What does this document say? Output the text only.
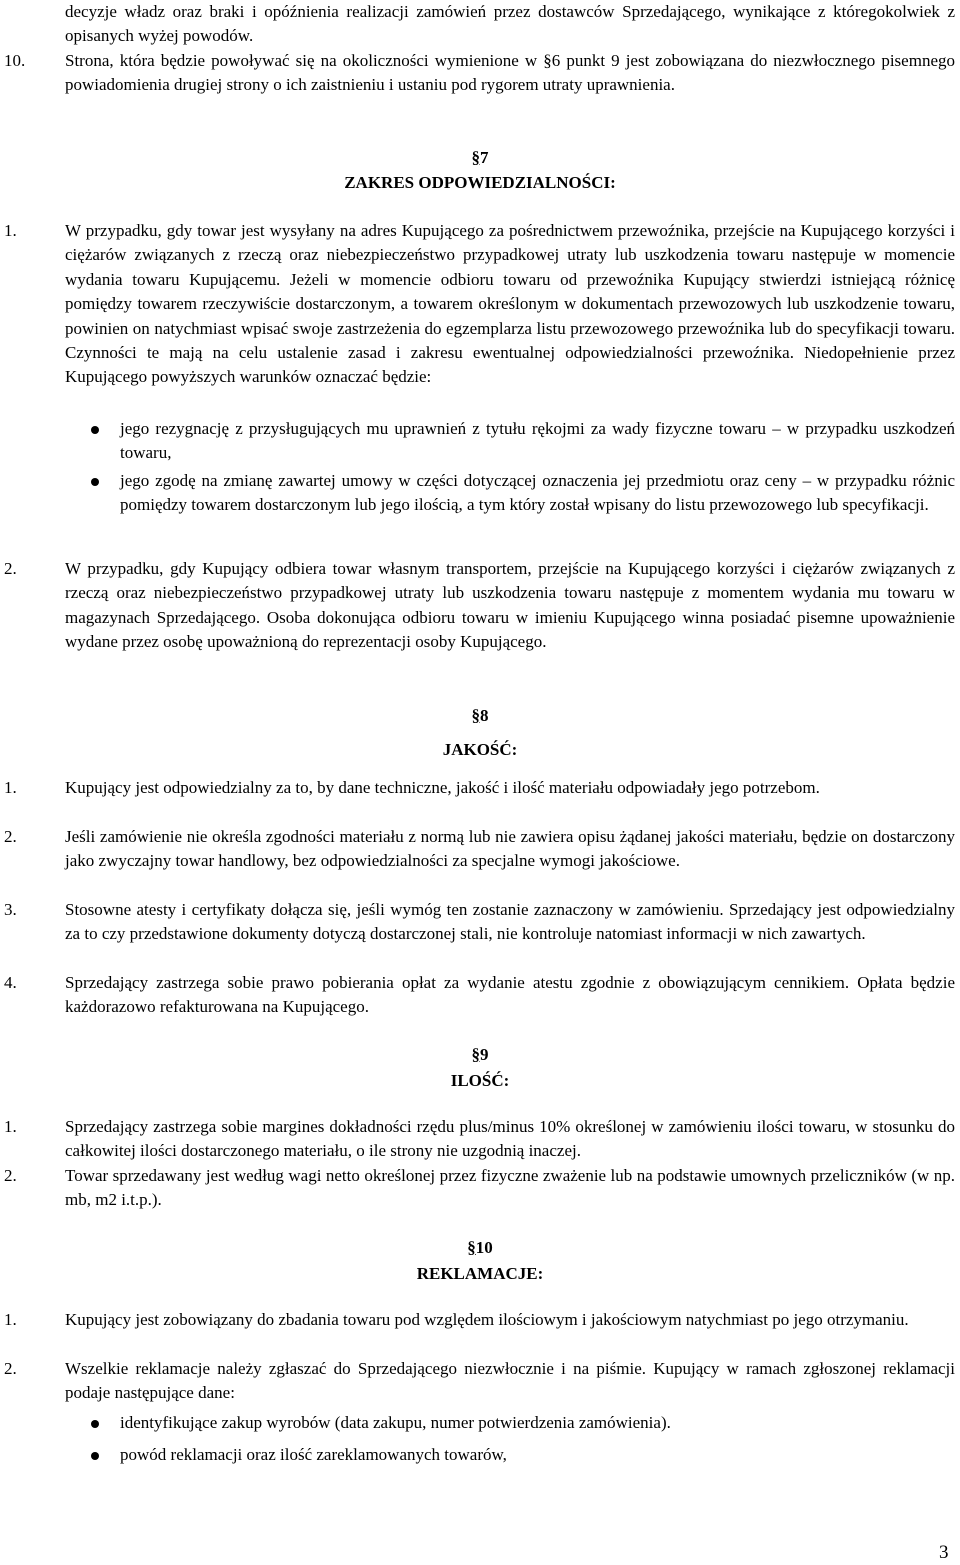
decyzje władz oraz braki i opóźnienia realizacji zamówień przez dostawców Sprzedającego, wynikające z któregokolwiek z opisanych wyżej powodów.
10. Strona, która będzie powoływać się na okoliczności wymienione w §6 punkt 9 jest zobowiązana do niezwłocznego pisemnego powiadomienia drugiej strony o ich zaistnieniu i ustaniu pod rygorem utraty uprawnienia.
§7
ZAKRES ODPOWIEDZIALNOŚCI:
1.	W przypadku, gdy towar jest wysyłany na adres Kupującego za pośrednictwem przewoźnika, przejście na Kupującego korzyści i ciężarów związanych z rzeczą oraz niebezpieczeństwo przypadkowej utraty lub uszkodzenia towaru następuje w momencie wydania towaru Kupującemu. Jeżeli w momencie odbioru towaru od przewoźnika Kupujący stwierdzi istniejącą różnicę pomiędzy towarem rzeczywiście dostarczonym, a towarem określonym w dokumentach przewozowych lub uszkodzenie towaru, powinien on natychmiast wpisać swoje zastrzeżenia do egzemplarza listu przewozowego przewoźnika lub do specyfikacji towaru. Czynności te mają na celu ustalenie zasad i zakresu ewentualnej odpowiedzialności przewoźnika. Niedopełnienie przez Kupującego powyższych warunków oznaczać będzie:
jego rezygnację z przysługujących mu uprawnień z tytułu rękojmi za wady fizyczne towaru – w przypadku uszkodzeń towaru,
jego zgodę na zmianę zawartej umowy w części dotyczącej oznaczenia jej przedmiotu oraz ceny – w przypadku różnic pomiędzy towarem dostarczonym lub jego ilością, a tym który został wpisany do listu przewozowego lub specyfikacji.
2.	W przypadku, gdy Kupujący odbiera towar własnym transportem, przejście na Kupującego korzyści i ciężarów związanych z rzeczą oraz niebezpieczeństwo przypadkowej utraty lub uszkodzenia towaru następuje z momentem wydania mu towaru w magazynach Sprzedającego. Osoba dokonująca odbioru towaru w imieniu Kupującego winna posiadać pisemne upoważnienie wydane przez osobę upoważnioną do reprezentacji osoby Kupującego.
§8
JAKOŚĆ:
1.	Kupujący jest odpowiedzialny za to, by dane techniczne, jakość i ilość materiału odpowiadały jego potrzebom.
2.	Jeśli zamówienie nie określa zgodności materiału z normą lub nie zawiera opisu żądanej jakości materiału, będzie on dostarczony jako zwyczajny towar handlowy, bez odpowiedzialności za specjalne wymogi jakościowe.
3.	Stosowne atesty i certyfikaty dołącza się, jeśli wymóg ten zostanie zaznaczony w zamówieniu. Sprzedający jest odpowiedzialny za to czy przedstawione dokumenty dotyczą dostarczonej stali, nie kontroluje natomiast informacji w nich zawartych.
4.	Sprzedający zastrzega sobie prawo pobierania opłat za wydanie atestu zgodnie z obowiązującym cennikiem. Opłata będzie każdorazowo refakturowana na Kupującego.
§9
ILOŚĆ:
1.	Sprzedający zastrzega sobie margines dokładności rzędu plus/minus 10% określonej w zamówieniu ilości towaru, w stosunku do całkowitej ilości dostarczonego materiału, o ile strony nie uzgodnią inaczej.
2.	Towar sprzedawany jest według wagi netto określonej przez fizyczne zważenie lub na podstawie umownych przeliczników (w np. mb, m2 i.t.p.).
§10
REKLAMACJE:
1.	Kupujący jest zobowiązany do zbadania towaru pod względem ilościowym i jakościowym natychmiast po jego otrzymaniu.
2.	Wszelkie reklamacje należy zgłaszać do Sprzedającego niezwłocznie i na piśmie. Kupujący w ramach zgłoszonej reklamacji podaje następujące dane:
identyfikujące zakup wyrobów (data zakupu, numer potwierdzenia zamówienia).
powód reklamacji oraz ilość zareklamowanych towarów,
3
